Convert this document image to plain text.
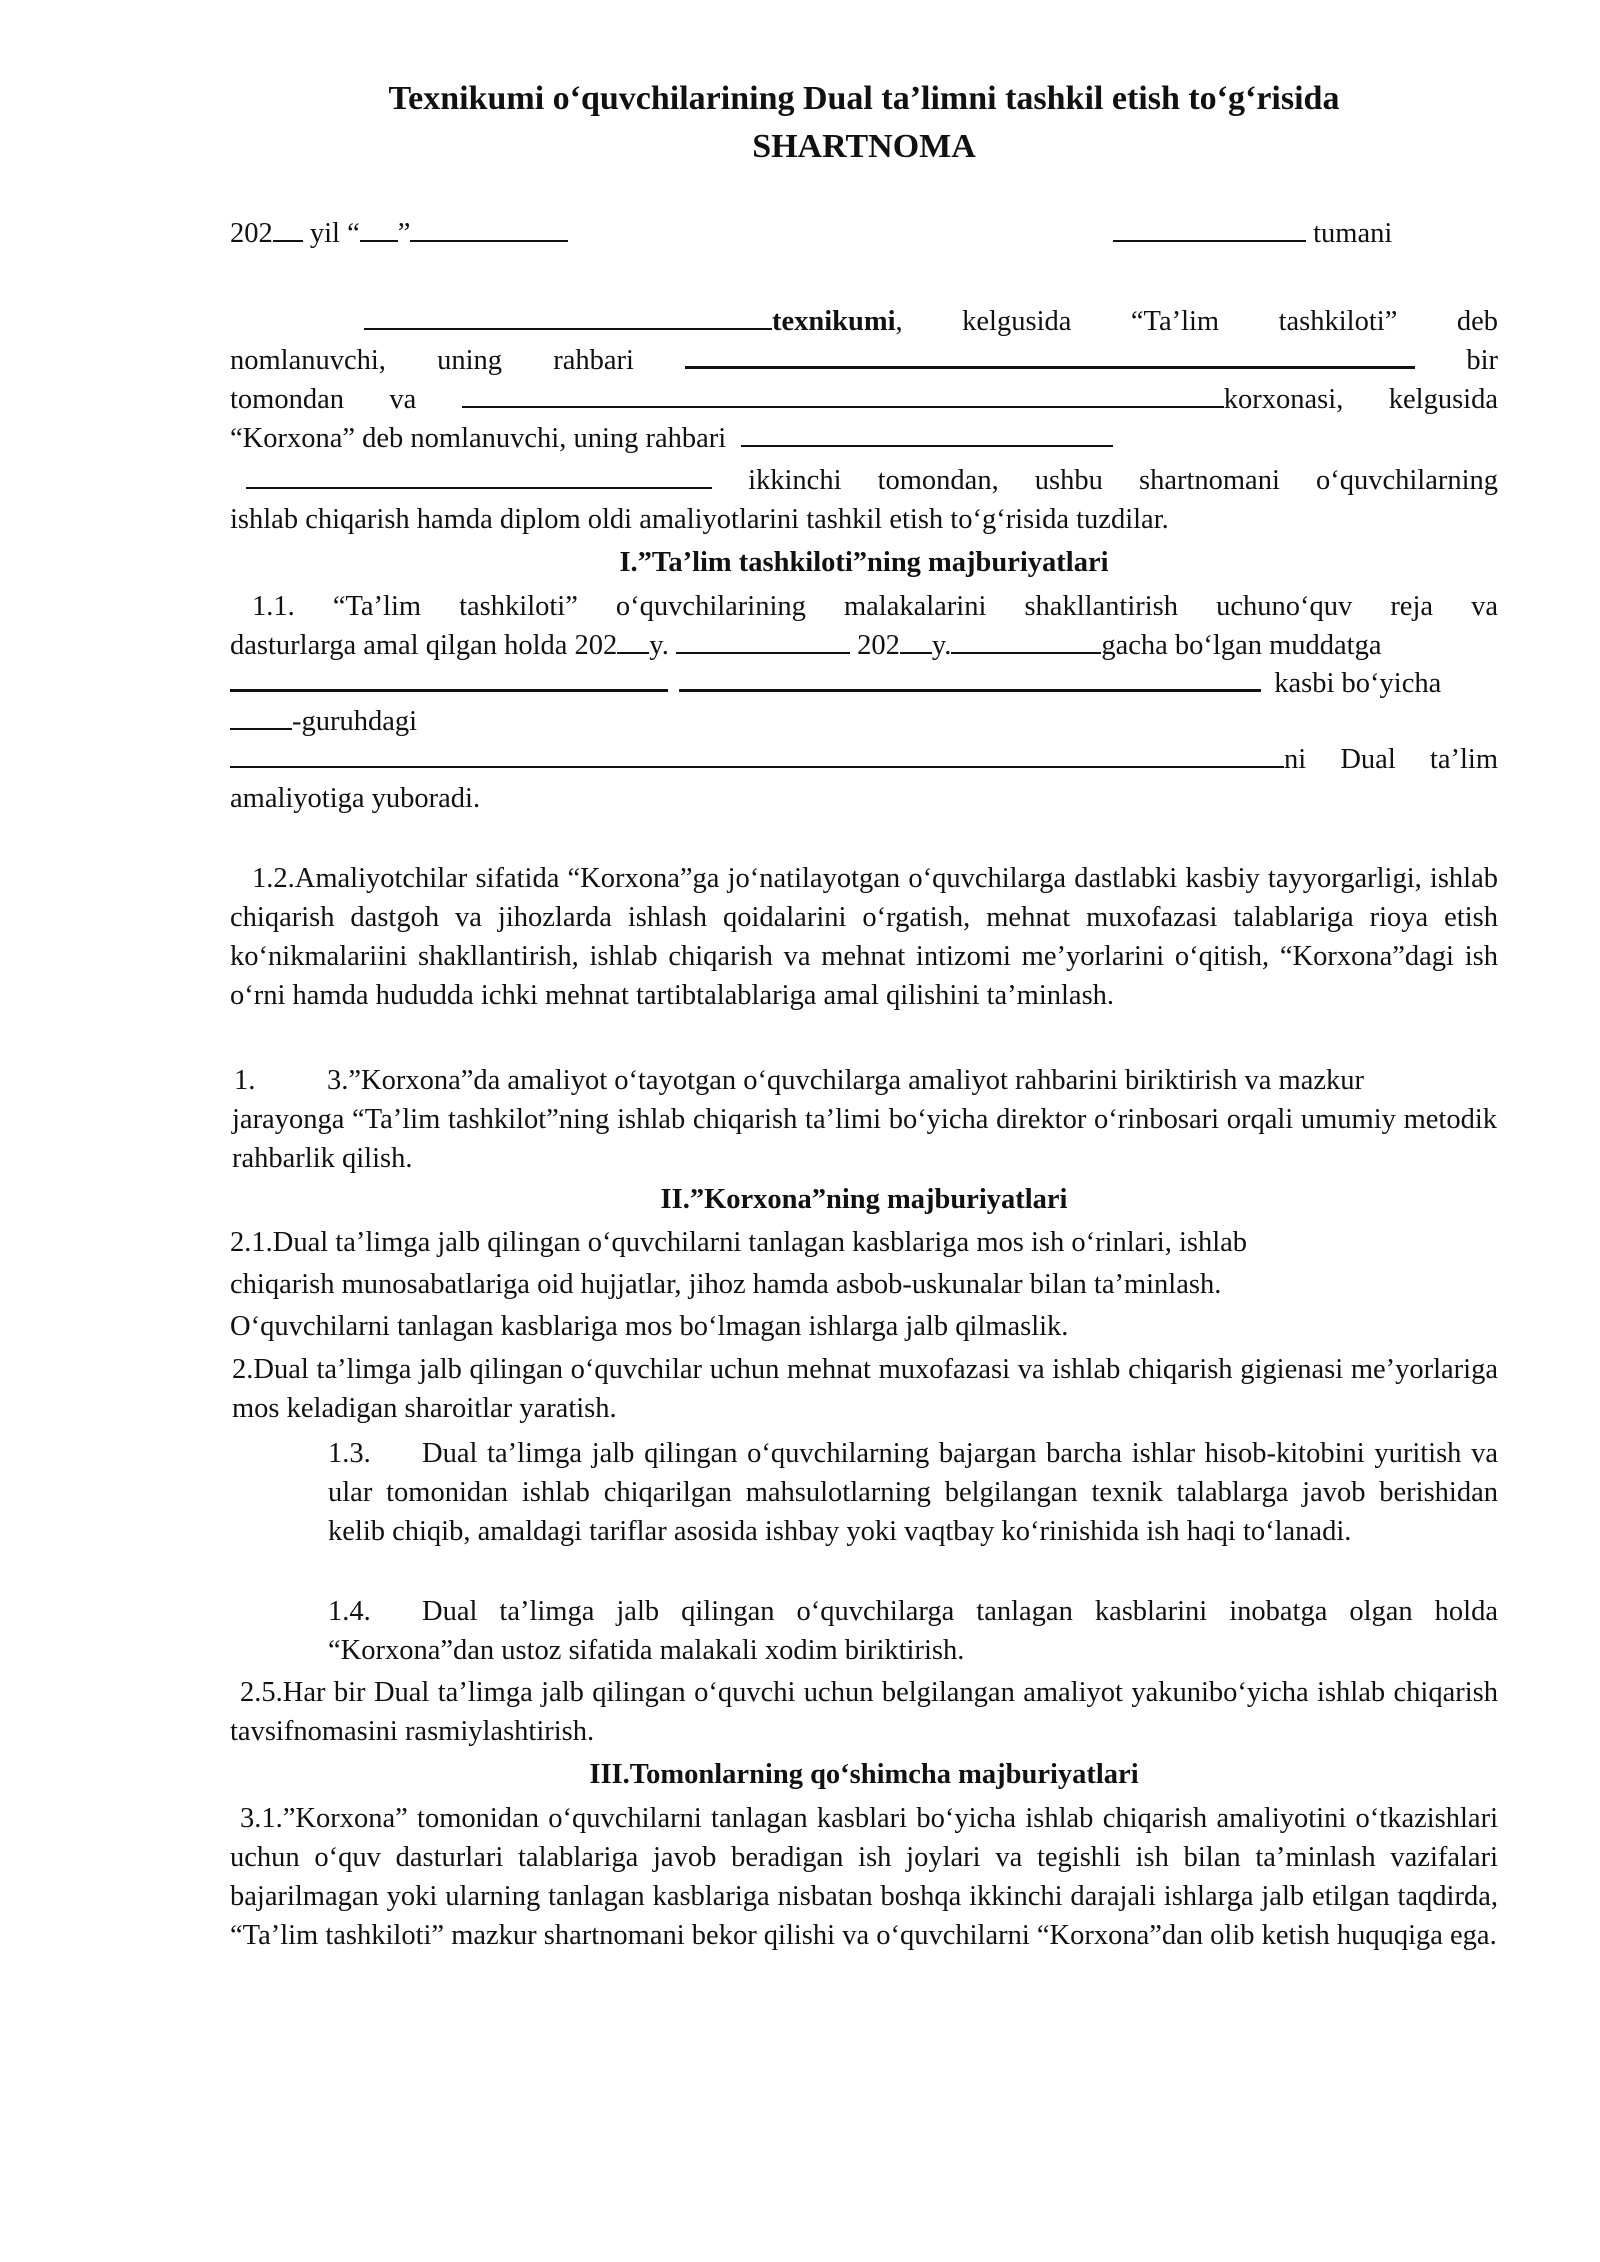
Texnikumi o‘quvchilarining Dual ta’limni tashkil etish to‘g‘risida
SHARTNOMA
202 yil “ ”	tumani
texnikumi, kelgusida “Ta’lim tashkiloti” deb
nomlanuvchi, uning rahbari	bir
tomondan va	korxonasi, kelgusida
“Korxona” deb nomlanuvchi, uning rahbari
ikkinchi tomondan, ushbu shartnomani o‘quvchilarning
ishlab chiqarish hamda diplom oldi amaliyotlarini tashkil etish to‘g‘risida tuzdilar.
I.”Ta’lim tashkiloti”ning majburiyatlari
1.1. “Ta’lim tashkiloti” o‘quvchilarining malakalarini shakllantirish uchuno‘quv reja va
dasturlarga amal qilgan holda 202 y.	202 y.	gacha bo‘lgan muddatga
kasbi bo‘yicha
-guruhdagi
ni Dual ta’lim
amaliyotiga yuboradi.
1.2.Amaliyotchilar sifatida “Korxona”ga jo‘natilayotgan o‘quvchilarga dastlabki kasbiy tayyorgarligi, ishlab chiqarish dastgoh va jihozlarda ishlash qoidalarini o‘rgatish, mehnat muxofazasi talablariga rioya etish ko‘nikmalariini shakllantirish, ishlab chiqarish va mehnat intizomi me’yorlarini o‘qitish, “Korxona”dagi ish o‘rni hamda hududda ichki mehnat tartibtalablariga amal qilishini ta’minlash.
1.	3.”Korxona”da amaliyot o‘tayotgan o‘quvchilarga amaliyot rahbarini biriktirish va mazkur
jarayonga “Ta’lim tashkilot”ning ishlab chiqarish ta’limi bo‘yicha direktor o‘rinbosari orqali umumiy metodik rahbarlik qilish.
II.”Korxona”ning majburiyatlari
2.1.Dual ta’limga jalb qilingan o‘quvchilarni tanlagan kasblariga mos ish o‘rinlari, ishlab
chiqarish munosabatlariga oid hujjatlar, jihoz hamda asbob-uskunalar bilan ta’minlash.
O‘quvchilarni tanlagan kasblariga mos bo‘lmagan ishlarga jalb qilmaslik.
2.Dual ta’limga jalb qilingan o‘quvchilar uchun mehnat muxofazasi va ishlab chiqarish gigienasi me’yorlariga mos keladigan sharoitlar yaratish.
1.3.	Dual ta’limga jalb qilingan o‘quvchilarning bajargan barcha ishlar hisob-kitobini yuritish va ular tomonidan ishlab chiqarilgan mahsulotlarning belgilangan texnik talablarga javob berishidan kelib chiqib, amaldagi tariflar asosida ishbay yoki vaqtbay ko‘rinishida ish haqi to‘lanadi.
1.4.	Dual ta’limga jalb qilingan o‘quvchilarga tanlagan kasblarini inobatga olgan holda “Korxona”dan ustoz sifatida malakali xodim biriktirish.
2.5.Har bir Dual ta’limga jalb qilingan o‘quvchi uchun belgilangan amaliyot yakunibo‘yicha ishlab chiqarish tavsifnomasini rasmiylashtirish.
III.Tomonlarning qo‘shimcha majburiyatlari
3.1.”Korxona” tomonidan o‘quvchilarni tanlagan kasblari bo‘yicha ishlab chiqarish amaliyotini o‘tkazishlari uchun o‘quv dasturlari talablariga javob beradigan ish joylari va tegishli ish bilan ta’minlash vazifalari bajarilmagan yoki ularning tanlagan kasblariga nisbatan boshqa ikkinchi darajali ishlarga jalb etilgan taqdirda, “Ta’lim tashkiloti” mazkur shartnomani bekor qilishi va o‘quvchilarni “Korxona”dan olib ketish huquqiga ega.
